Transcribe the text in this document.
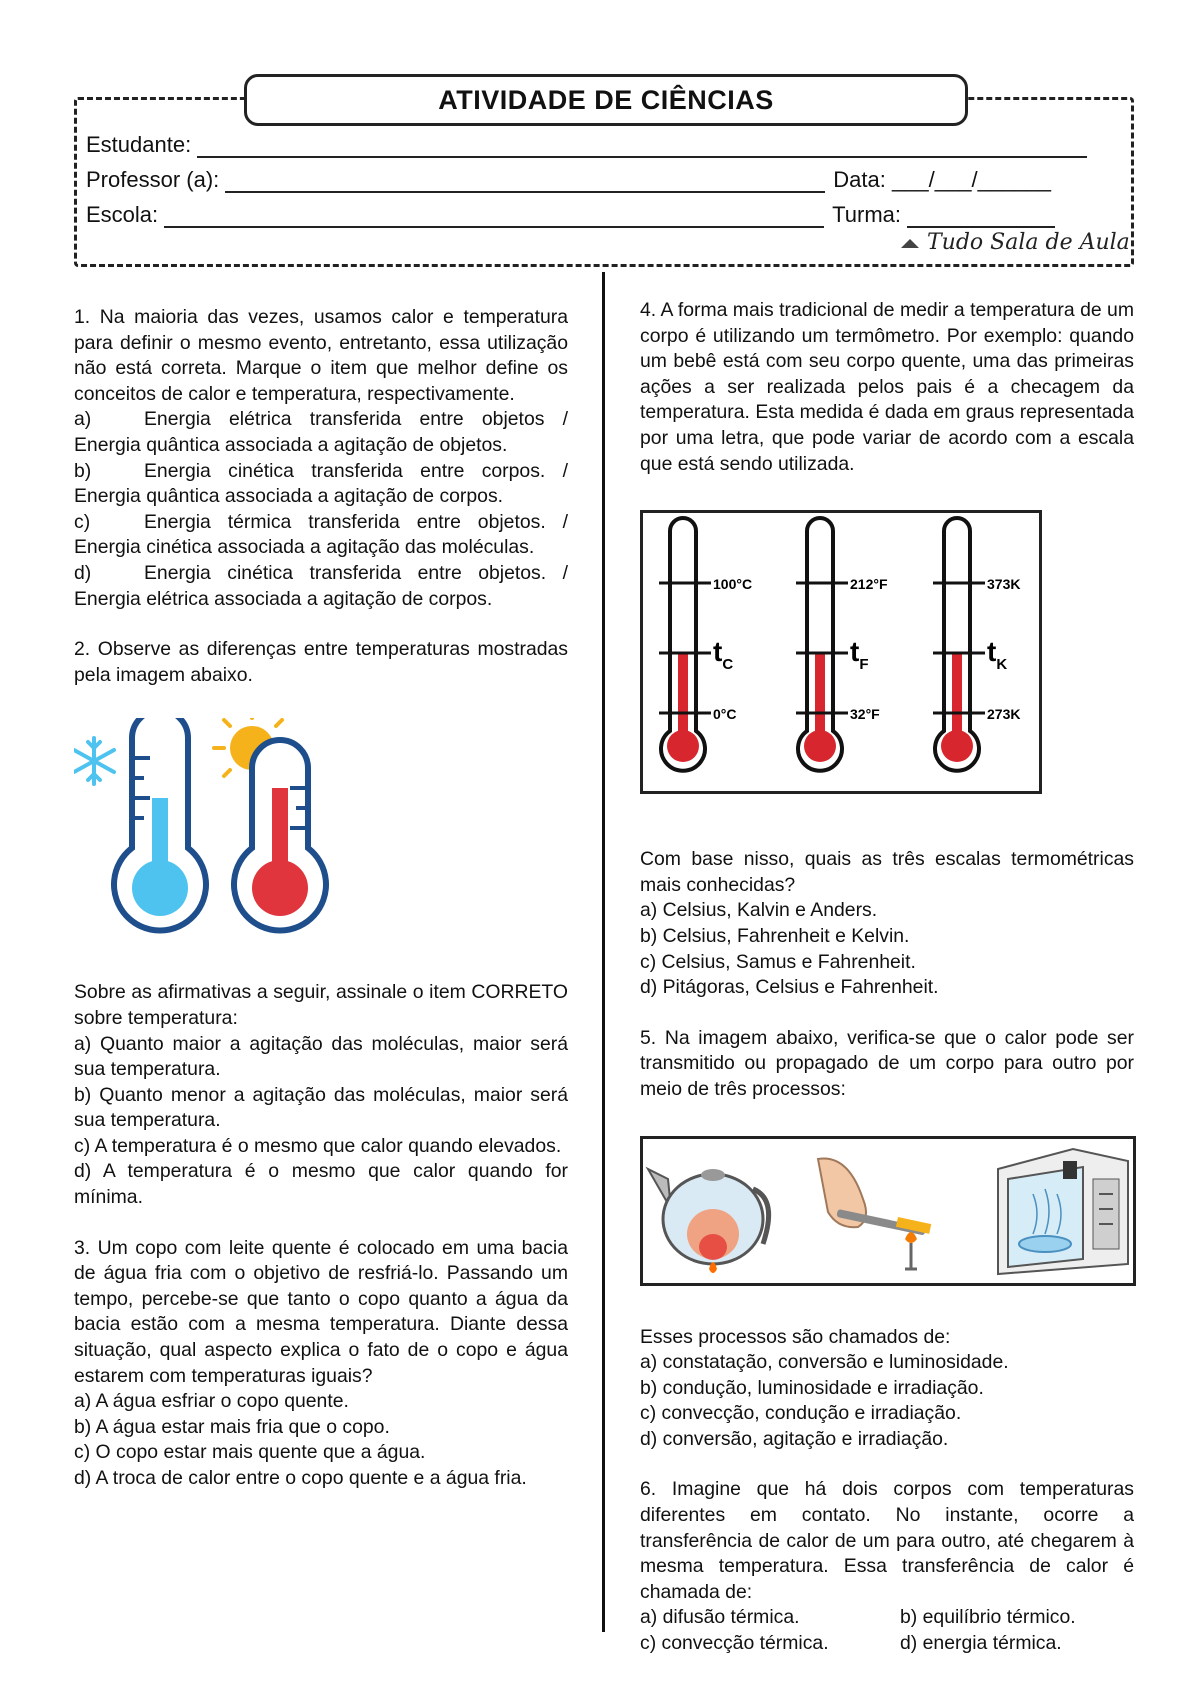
ATIVIDADE DE CIÊNCIAS
Estudante:
Professor (a):	Data: ___/___/______
Escola:	Turma:
Tudo Sala de Aula

1. Na maioria das vezes, usamos calor e temperatura para definir o mesmo evento, entretanto, essa utilização não está correta. Marque o item que melhor define os conceitos de calor e temperatura, respectivamente.

a)	Energia elétrica transferida entre objetos / Energia quântica associada a agitação de objetos.
b)	Energia cinética transferida entre corpos. / Energia quântica associada a agitação de corpos.
c)	Energia térmica transferida entre objetos. / Energia cinética associada a agitação das moléculas.
d)	Energia cinética transferida entre objetos. / Energia elétrica associada a agitação de corpos.

2. Observe as diferenças entre temperaturas mostradas pela imagem abaixo.

Sobre as afirmativas a seguir, assinale o item CORRETO sobre temperatura:

a) Quanto maior a agitação das moléculas, maior será sua temperatura.
b) Quanto menor a agitação das moléculas, maior será sua temperatura.
c) A temperatura é o mesmo que calor quando elevados.
d) A temperatura é o mesmo que calor quando for mínima.

3. Um copo com leite quente é colocado em uma bacia de água fria com o objetivo de resfriá-lo. Passando um tempo, percebe-se que tanto o copo quanto a água da bacia estão com a mesma temperatura. Diante dessa situação, qual aspecto explica o fato de o copo e água estarem com temperaturas iguais?

a) A água esfriar o copo quente.
b) A água estar mais fria que o copo.
c) O copo estar mais quente que a água.
d) A troca de calor entre o copo quente e a água fria.

4. A forma mais tradicional de medir a temperatura de um corpo é utilizando um termômetro. Por exemplo: quando um bebê está com seu corpo quente, uma das primeiras ações a ser realizada pelos pais é a checagem da temperatura. Esta medida é dada em graus representada por uma letra, que pode variar de acordo com a escala que está sendo utilizada.

100°C
0°C
$t_C$
212°F
32°F
$t_F$
373K
273K
$t_K$

Com base nisso, quais as três escalas termométricas mais conhecidas?

a) Celsius, Kalvin e Anders.
b) Celsius, Fahrenheit e Kelvin.
c) Celsius, Samus e Fahrenheit.
d) Pitágoras, Celsius e Fahrenheit.

5. Na imagem abaixo, verifica-se que o calor pode ser transmitido ou propagado de um corpo para outro por meio de três processos:

Esses processos são chamados de:

a) constatação, conversão e luminosidade.
b) condução, luminosidade e irradiação.
c) convecção, condução e irradiação.
d) conversão, agitação e irradiação.

6. Imagine que há dois corpos com temperaturas diferentes em contato. No instante, ocorre a transferência de calor de um para outro, até chegarem à mesma temperatura. Essa transferência de calor é chamada de:

a) difusão térmica.	b) equilíbrio térmico.
c) convecção térmica.	d) energia térmica.
